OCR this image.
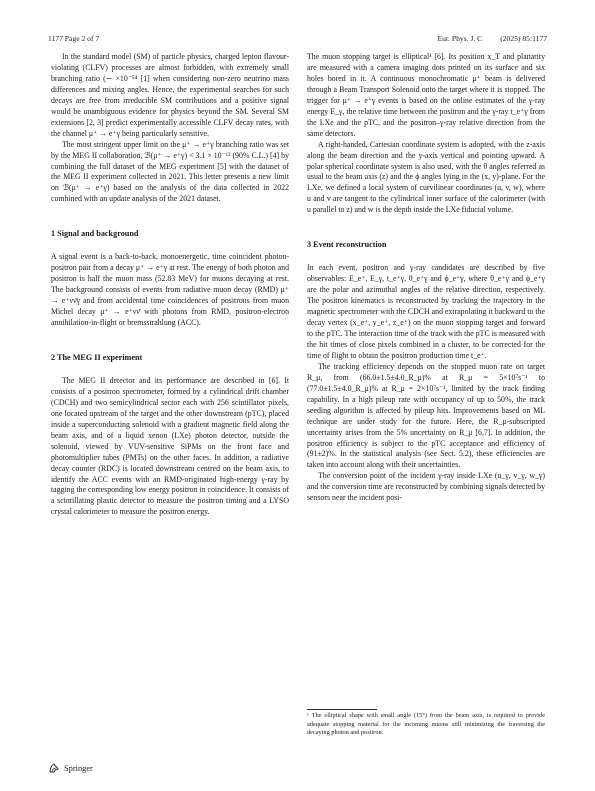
1177 Page 2 of 7	Eur. Phys. J. C (2025) 85:1177

In the standard model (SM) of particle physics, charged lepton flavour-violating (CLFV) processes are almost forbidden, with extremely small branching ratio (∼ ×10⁻⁵⁴ [1] when considering non-zero neutrino mass differences and mixing angles. Hence, the experimental searches for such decays are free from irreducible SM contributions and a positive signal would be unambiguous evidence for physics beyond the SM. Several SM extensions [2, 3] predict experimentally accessible CLFV decay rates, with the channel μ⁺ → e⁺γ being particularly sensitive.

The most stringent upper limit on the μ⁺ → e⁺γ branching ratio was set by the MEG II collaboration, ℬ(μ⁺ → e⁺γ) < 3.1 × 10⁻¹³ (90% C.L.) [4] by combining the full dataset of the MEG experiment [5] with the dataset of the MEG II experiment collected in 2021. This letter presents a new limit on ℬ(μ⁺ → e⁺γ) based on the analysis of the data collected in 2022 combined with an update analysis of the 2021 dataset.

1 Signal and background

A signal event is a back-to-back, monoenergetic, time coincident photon-positron pair from a decay μ⁺ → e⁺γ at rest. The energy of both photon and positron is half the muon mass (52.83 MeV) for muons decaying at rest. The background consists of events from radiative muon decay (RMD) μ⁺ → e⁺νν̄γ and from accidental time coincidences of positrons from muon Michel decay μ⁺ → e⁺νν̄ with photons from RMD, positron-electron annihilation-in-flight or bremsstrahlung (ACC).

2 The MEG II experiment

The MEG II detector and its performance are described in [6]. It consists of a positron spectrometer, formed by a cylindrical drift chamber (CDCH) and two semicylindrical sector each with 256 scintillator pixels, one located upstream of the target and the other downstream (pTC), placed inside a superconducting solenoid with a gradient magnetic field along the beam axis, and of a liquid xenon (LXe) photon detector, outside the solenoid, viewed by VUV-sensitive SiPMs on the front face and photomultiplier tubes (PMTs) on the other faces. In addition, a radiative decay counter (RDC) is located downstream centred on the beam axis, to identify the ACC events with an RMD-originated high-energy γ-ray by tagging the corresponding low energy positron in coincidence. It consists of a scintillating plastic detector to measure the positron timing and a LYSO crystal calorimeter to measure the positron energy.

The muon stopping target is elliptical¹ [6]. Its position x_T and planarity are measured with a camera imaging dots printed on its surface and six holes bored in it. A continuous monochromatic μ⁺ beam is delivered through a Beam Transport Solenoid onto the target where it is stopped. The trigger for μ⁺ → e⁺γ events is based on the online estimates of the γ-ray energy E_γ, the relative time between the positron and the γ-ray t_e⁺γ from the LXe and the pTC, and the positron–γ-ray relative direction from the same detectors.

A right-handed, Cartesian coordinate system is adopted, with the z-axis along the beam direction and the y-axis vertical and pointing upward. A polar spherical coordinate system is also used, with the θ angles referred as usual to the beam axis (z) and the ϕ angles lying in the (x, y)-plane. For the LXe, we defined a local system of curvilinear coordinates (u, v, w), where u and v are tangent to the cylindrical inner surface of the calorimeter (with u parallel to z) and w is the depth inside the LXe fiducial volume.

3 Event reconstruction

In each event, positron and γ-ray candidates are described by five observables: E_e⁺, E_γ, t_e⁺γ, θ_e⁺γ and ϕ_e⁺γ, where θ_e⁺γ and ϕ_e⁺γ are the polar and azimuthal angles of the relative direction, respectively. The positron kinematics is reconstructed by tracking the trajectory in the magnetic spectrometer with the CDCH and extrapolating it backward to the decay vertex (x_e⁺, y_e⁺, z_e⁺) on the muon stopping target and forward to the pTC. The interaction time of the track with the pTC is measured with the hit times of close pixels combined in a cluster, to be corrected for the time of flight to obtain the positron production time t_e⁺.

The tracking efficiency depends on the stopped muon rate on target R_μ, from (66.0±1.5±4.0_R_μ)% at R_μ = 5×10⁷s⁻¹ to (77.0±1.5±4.0_R_μ)% at R_μ = 2×10⁷s⁻¹, limited by the track finding capability. In a high pileup rate with occupancy of up to 50%, the track seeding algorithm is affected by pileup hits. Improvements based on ML technique are under study for the future. Here, the R_μ-subscripted uncertainty arises from the 5% uncertainty on R_μ [6,7]. In addition, the positron efficiency is subject to the pTC acceptance and efficiency of (91±2)%. In the statistical analysis (see Sect. 5.2), these efficiencies are taken into account along with their uncertainties.

The conversion point of the incident γ-ray inside LXe (u_γ, v_γ, w_γ) and the conversion time are reconstructed by combining signals detected by sensors near the incident posi-

¹ The elliptical shape with small angle (15°) from the beam axis, is required to provide adequate stopping material for the incoming muons still minimizing the traversing the decaying photon and positron.
Springer
